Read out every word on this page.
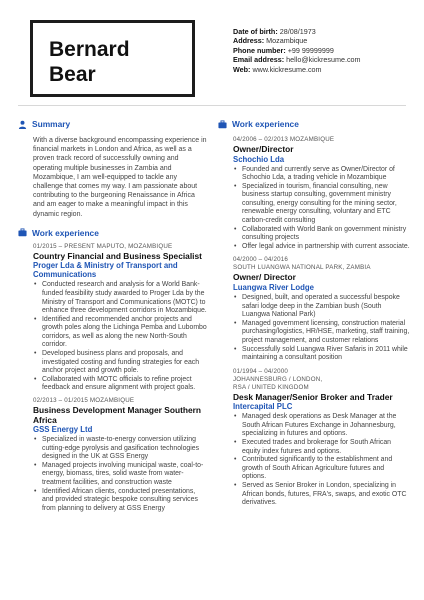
Bernard
Bear
Date of birth: 28/08/1973
Address: Mozambique
Phone number: +99 99999999
Email address: hello@kickresume.com
Web: www.kickresume.com
Summary

With a diverse background encompassing experience in financial markets in London and Africa, as well as a proven track record of successfully owning and operating multiple businesses in Zambia and Mozambique, I am well-equipped to tackle any challenge that comes my way. I am passionate about contributing to the burgeoning Renaissance in Africa and am eager to make a meaningful impact in this dynamic region.

Work experience
01/2015 – PRESENT MAPUTO, MOZAMBIQUE
Country Financial and Business Specialist
Proger Lda & Ministry of Transport and Communications
• Conducted research and analysis for a World Bank-funded feasibility study awarded to Proger Lda by the Ministry of Transport and Communications (MOTC) to enhance three development corridors in Mozambique.
• Identified and recommended anchor projects and growth poles along the Lichinga Pemba and Lubombo corridors, as well as along the new North-South corridor.
• Developed business plans and proposals, and investigated costing and funding strategies for each anchor project and growth pole.
• Collaborated with MOTC officials to refine project feedback and ensure alignment with project goals.
02/2013 – 01/2015 MOZAMBIQUE
Business Development Manager Southern Africa
GSS Energy Ltd
• Specialized in waste-to-energy conversion utilizing cutting-edge pyrolysis and gasification technologies designed in the UK at GSS Energy
• Managed projects involving municipal waste, coal-to-energy, biomass, tires, solid waste from water-treatment facilities, and construction waste
• Identified African clients, conducted presentations, and provided strategic bespoke consulting services from planning to delivery at GSS Energy
Work experience
04/2006 – 02/2013 MOZAMBIQUE
Owner/Director
Schochio Lda
• Founded and currently serve as Owner/Director of Schochio Lda, a trading vehicle in Mozambique
• Specialized in tourism, financial consulting, new business startup consulting, government ministry consulting, energy consulting for the mining sector, renewable energy consulting, voluntary and ETC carbon-credit consulting
• Collaborated with World Bank on government ministry consulting projects
• Offer legal advice in partnership with current associate.
04/2000 – 04/2016
SOUTH LUANGWA NATIONAL PARK, ZAMBIA
Owner/ Director
Luangwa River Lodge
• Designed, built, and operated a successful bespoke safari lodge deep in the Zambian bush (South Luangwa National Park)
• Managed government licensing, construction material purchasing/logistics, HR/HSE, marketing, staff training, project management, and customer relations
• Successfully sold Luangwa River Safaris in 2011 while maintaining a consultant position
01/1994 – 04/2000
JOHANNESBURG / LONDON,
RSA / UNITED KINGDOM
Desk Manager/Senior Broker and Trader
Intercapital PLC
• Managed desk operations as Desk Manager at the South African Futures Exchange in Johannesburg, specializing in futures and options.
• Executed trades and brokerage for South African equity index futures and options.
• Contributed significantly to the establishment and growth of South African Agriculture futures and options.
• Served as Senior Broker in London, specializing in African bonds, futures, FRA's, swaps, and exotic OTC derivatives.
